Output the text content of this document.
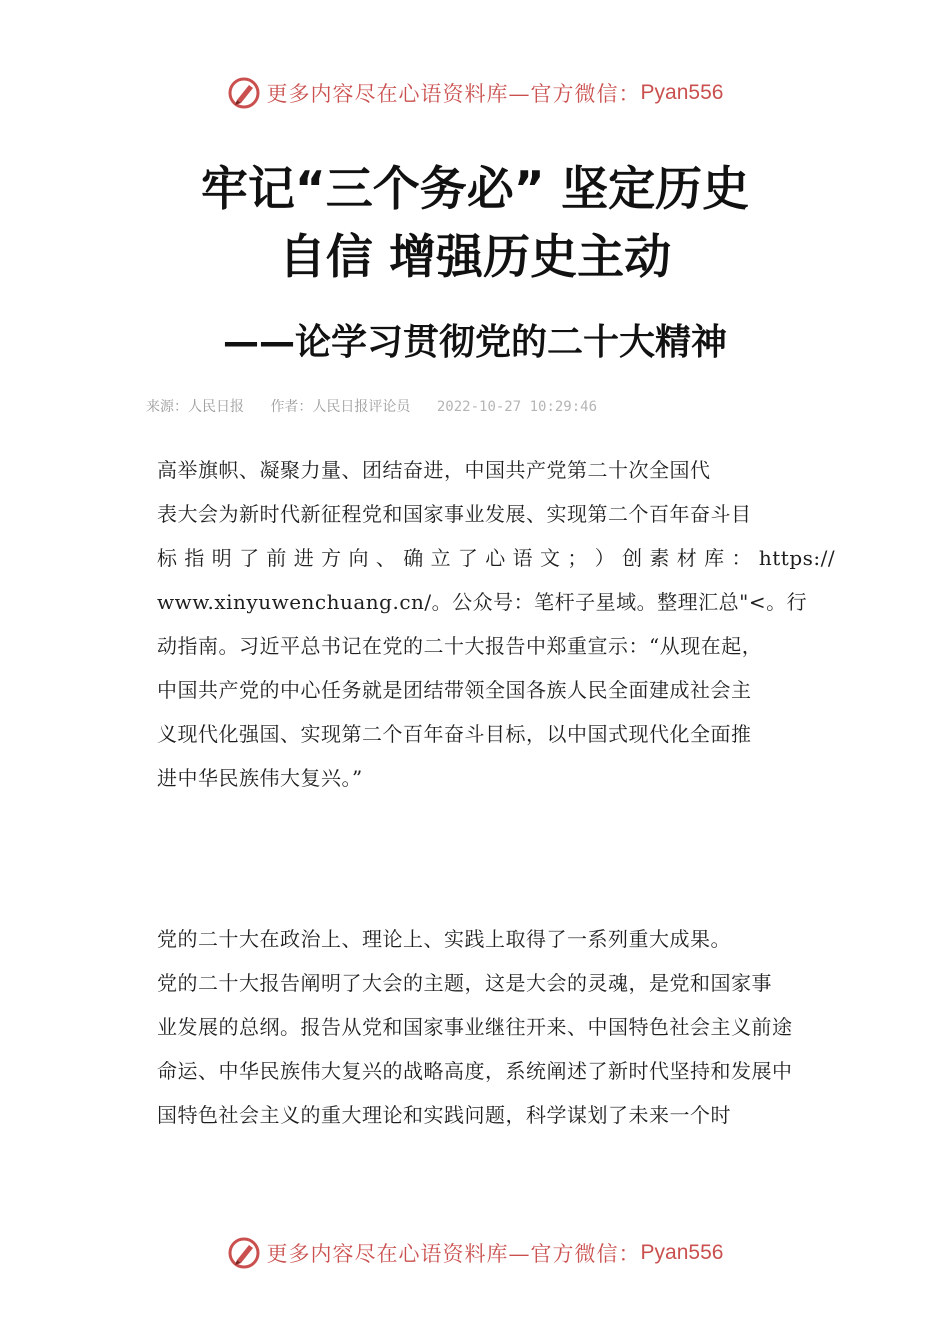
更多内容尽在心语资料库—官方微信： Pyan556
牢记“三个务必” 坚定历史
自信 增强历史主动
——论学习贯彻党的二十大精神
来源：人民日报 作者：人民日报评论员 2022-10-27 10:29:46
高举旗帜、凝聚力量、团结奋进，中国共产党第二十次全国代
表大会为新时代新征程党和国家事业发展、实现第二个百年奋斗目
标 指 明 了 前 进 方 向 、 确 立 了 心 语 文 ； ） 创 素 材 库 ： https://
www.xinyuwenchuang.cn/。公众号：笔杆子星域。整理汇总"<。行
动指南。习近平总书记在党的二十大报告中郑重宣示：“从现在起，
中国共产党的中心任务就是团结带领全国各族人民全面建成社会主
义现代化强国、实现第二个百年奋斗目标，以中国式现代化全面推
进中华民族伟大复兴。”
党的二十大在政治上、理论上、实践上取得了一系列重大成果。
党的二十大报告阐明了大会的主题，这是大会的灵魂，是党和国家事
业发展的总纲。报告从党和国家事业继往开来、中国特色社会主义前途
命运、中华民族伟大复兴的战略高度，系统阐述了新时代坚持和发展中
国特色社会主义的重大理论和实践问题，科学谋划了未来一个时
更多内容尽在心语资料库—官方微信： Pyan556
